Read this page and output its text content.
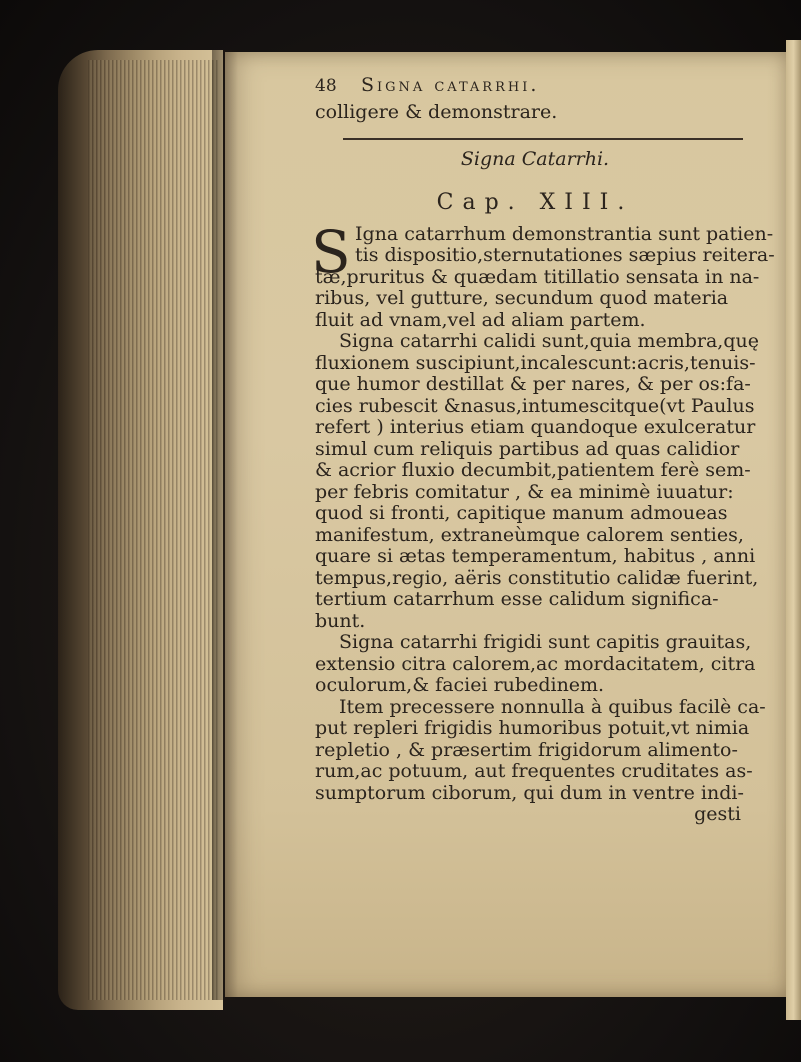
48	Signa catarrhi.
colligere & demonstrare.
Signa Catarrhi.
Cap. XIII.
S Igna catarrhum demonstrantia sunt patien-
tis dispositio,sternutationes sæpius reitera-
tæ,pruritus & quædam titillatio sensata in na-
ribus, vel gutture, secundum quod materia
fluit ad vnam,vel ad aliam partem.
Signa catarrhi calidi sunt,quia membra,quę
fluxionem suscipiunt,incalescunt:acris,tenuis-
que humor destillat & per nares, & per os:fa-
cies rubescit &nasus,intumescitque(vt Paulus
refert ) interius etiam quandoque exulceratur
simul cum reliquis partibus ad quas calidior
& acrior fluxio decumbit,patientem ferè sem-
per febris comitatur , & ea minimè iuuatur:
quod si fronti, capitique manum admoueas
manifestum, extraneùmque calorem senties,
quare si ætas temperamentum, habitus , anni
tempus,regio, aëris constitutio calidæ fuerint,
tertium catarrhum esse calidum significa-
bunt.
Signa catarrhi frigidi sunt capitis grauitas,
extensio citra calorem,ac mordacitatem, citra
oculorum,& faciei rubedinem.
Item precessere nonnulla à quibus facilè ca-
put repleri frigidis humoribus potuit,vt nimia
repletio , & præsertim frigidorum alimento-
rum,ac potuum, aut frequentes cruditates as-
sumptorum ciborum, qui dum in ventre indi-
gesti
